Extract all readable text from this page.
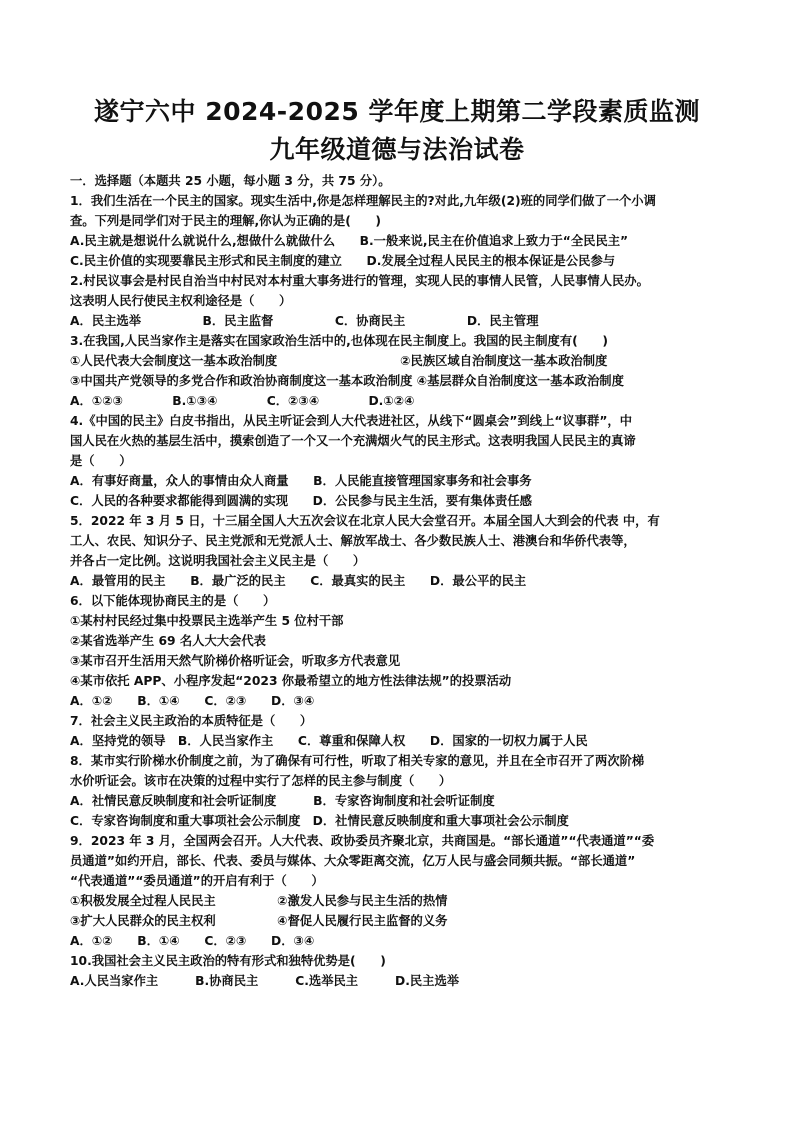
遂宁六中 2024-2025 学年度上期第二学段素质监测
九年级道德与法治试卷
一．选择题（本题共 25 小题，每小题 3 分，共 75 分）。
1．我们生活在一个民主的国家。现实生活中,你是怎样理解民主的?对此,九年级(2)班的同学们做了一个小调
查。下列是同学们对于民主的理解,你认为正确的是(　　)
A.民主就是想说什么就说什么,想做什么就做什么　　B.一般来说,民主在价值追求上致力于“全民民主”
C.民主价值的实现要靠民主形式和民主制度的建立　　D.发展全过程人民民主的根本保证是公民参与
2.村民议事会是村民自治当中村民对本村重大事务进行的管理，实现人民的事情人民管，人民事情人民办。
这表明人民行使民主权利途径是（　　）
A．民主选举　　　　　B．民主监督　　　　　C．协商民主　　　　　D．民主管理
3.在我国,人民当家作主是落实在国家政治生活中的,也体现在民主制度上。我国的民主制度有(　　)
①人民代表大会制度这一基本政治制度　　　　　　　　　　②民族区域自治制度这一基本政治制度
③中国共产党领导的多党合作和政治协商制度这一基本政治制度 ④基层群众自治制度这一基本政治制度
A．①②③　　　　B.①③④　　　　C．②③④　　　　D.①②④
4.《中国的民主》白皮书指出，从民主听证会到人大代表进社区，从线下“圆桌会”到线上“议事群”，中
国人民在火热的基层生活中，摸索创造了一个又一个充满烟火气的民主形式。这表明我国人民民主的真谛
是（　　）
A．有事好商量，众人的事情由众人商量　　B．人民能直接管理国家事务和社会事务
C．人民的各种要求都能得到圆满的实现　　D．公民参与民主生活，要有集体责任感
5．2022 年 3 月 5 日，十三届全国人大五次会议在北京人民大会堂召开。本届全国人大到会的代表 中，有
工人、农民、知识分子、民主党派和无党派人士、解放军战士、各少数民族人士、港澳台和华侨代表等，
并各占一定比例。这说明我国社会主义民主是（　　）
A．最管用的民主　　B．最广泛的民主　　C．最真实的民主　　D．最公平的民主
6．以下能体现协商民主的是（　　）
①某村村民经过集中投票民主选举产生 5 位村干部
②某省选举产生 69 名人大大会代表
③某市召开生活用天然气阶梯价格听证会，听取多方代表意见
④某市依托 APP、小程序发起“2023 你最希望立的地方性法律法规”的投票活动
A．①②　　B．①④　　C．②③　　D．③④
7．社会主义民主政治的本质特征是（　　）
A．坚持党的领导　B．人民当家作主　　C．尊重和保障人权　　D．国家的一切权力属于人民
8．某市实行阶梯水价制度之前，为了确保有可行性，听取了相关专家的意见，并且在全市召开了两次阶梯
水价听证会。该市在决策的过程中实行了怎样的民主参与制度（　　）
A．社情民意反映制度和社会听证制度　　　B．专家咨询制度和社会听证制度
C．专家咨询制度和重大事项社会公示制度　D．社情民意反映制度和重大事项社会公示制度
9．2023 年 3 月，全国两会召开。人大代表、政协委员齐聚北京，共商国是。“部长通道”“代表通道”“委
员通道”如约开启，部长、代表、委员与媒体、大众零距离交流，亿万人民与盛会同频共振。“部长通道”
“代表通道”“委员通道”的开启有利于（　　）
①积极发展全过程人民民主　　　　　②激发人民参与民主生活的热情
③扩大人民群众的民主权利　　　　　④督促人民履行民主监督的义务
A．①②　　B．①④　　C．②③　　D．③④
10.我国社会主义民主政治的特有形式和独特优势是(　　)
A.人民当家作主　　　B.协商民主　　　C.选举民主　　　D.民主选举
